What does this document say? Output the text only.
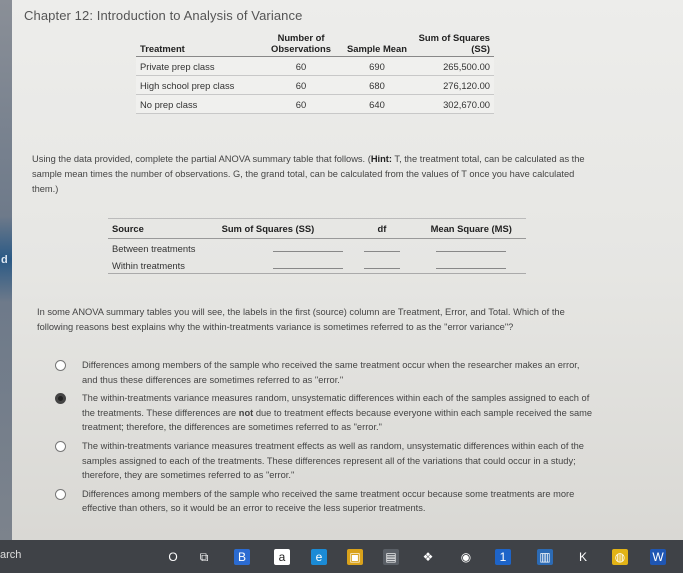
d
Chapter 12: Introduction to Analysis of Variance
Treatment	Number of Observations	Sample Mean	Sum of Squares (SS)
Private prep class	60	690	265,500.00
High school prep class	60	680	276,120.00
No prep class	60	640	302,670.00
Using the data provided, complete the partial ANOVA summary table that follows. (Hint: T, the treatment total, can be calculated as the sample mean times the number of observations. G, the grand total, can be calculated from the values of T once you have calculated them.)
Source	Sum of Squares (SS)	df	Mean Square (MS)
Between treatments			
Within treatments			
In some ANOVA summary tables you will see, the labels in the first (source) column are Treatment, Error, and Total. Which of the following reasons best explains why the within-treatments variance is sometimes referred to as the "error variance"?
Differences among members of the sample who received the same treatment occur when the researcher makes an error, and thus these differences are sometimes referred to as "error."
The within-treatments variance measures random, unsystematic differences within each of the samples assigned to each of the treatments. These differences are not due to treatment effects because everyone within each sample received the same treatment; therefore, the differences are sometimes referred to as "error."
The within-treatments variance measures treatment effects as well as random, unsystematic differences within each of the samples assigned to each of the treatments. These differences represent all of the variations that could occur in a study; therefore, they are sometimes referred to as "error."
Differences among members of the sample who received the same treatment occur because some treatments are more effective than others, so it would be an error to receive the less superior treatments.
arch	O	⧉	B	a	e	▣ ▤ ❖ ◉	1	▥	K	◍ W
